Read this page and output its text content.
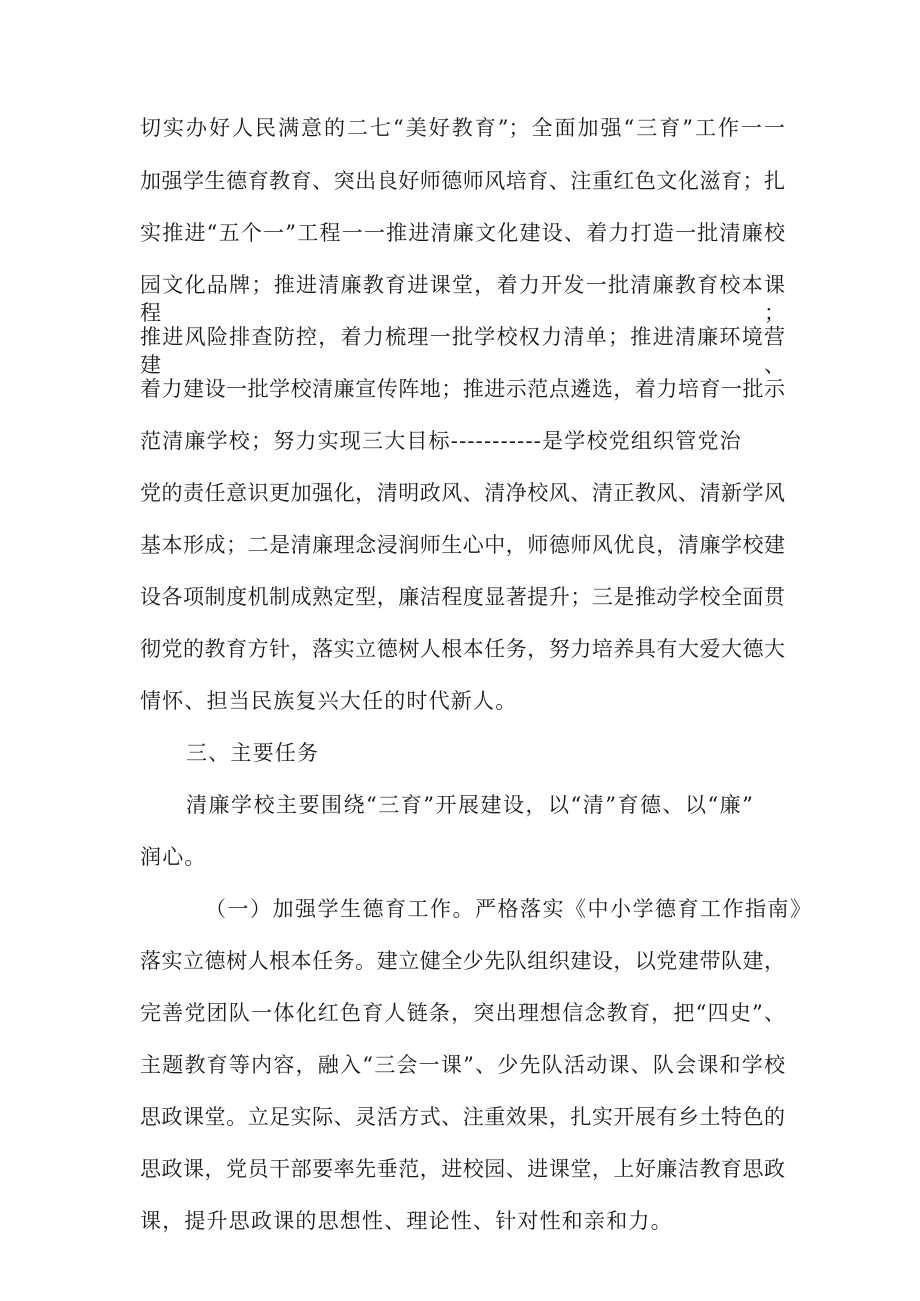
切实办好人民满意的二七“美好教育”；全面加强“三育”工作一一
加强学生德育教育、突出良好师德师风培育、注重红色文化滋育；扎
实推进“五个一”工程一一推进清廉文化建设、着力打造一批清廉校
园文化品牌；推进清廉教育进课堂，着力开发一批清廉教育校本课程；
推进风险排查防控，着力梳理一批学校权力清单；推进清廉环境营建、
着力建设一批学校清廉宣传阵地；推进示范点遴选，着力培育一批示
范清廉学校；努力实现三大目标-----------是学校党组织管党治
党的责任意识更加强化，清明政风、清净校风、清正教风、清新学风
基本形成；二是清廉理念浸润师生心中，师德师风优良，清廉学校建
设各项制度机制成熟定型，廉洁程度显著提升；三是推动学校全面贯
彻党的教育方针，落实立德树人根本任务，努力培养具有大爱大德大
情怀、担当民族复兴大任的时代新人。
三、主要任务
清廉学校主要围绕“三育”开展建设，以“清”育德、以“廉”
润心。
（一）加强学生德育工作。严格落实《中小学德育工作指南》
落实立德树人根本任务。建立健全少先队组织建设，以党建带队建，
完善党团队一体化红色育人链条，突出理想信念教育，把“四史”、
主题教育等内容，融入“三会一课”、少先队活动课、队会课和学校
思政课堂。立足实际、灵活方式、注重效果，扎实开展有乡土特色的
思政课，党员干部要率先垂范，进校园、进课堂，上好廉洁教育思政
课，提升思政课的思想性、理论性、针对性和亲和力。
